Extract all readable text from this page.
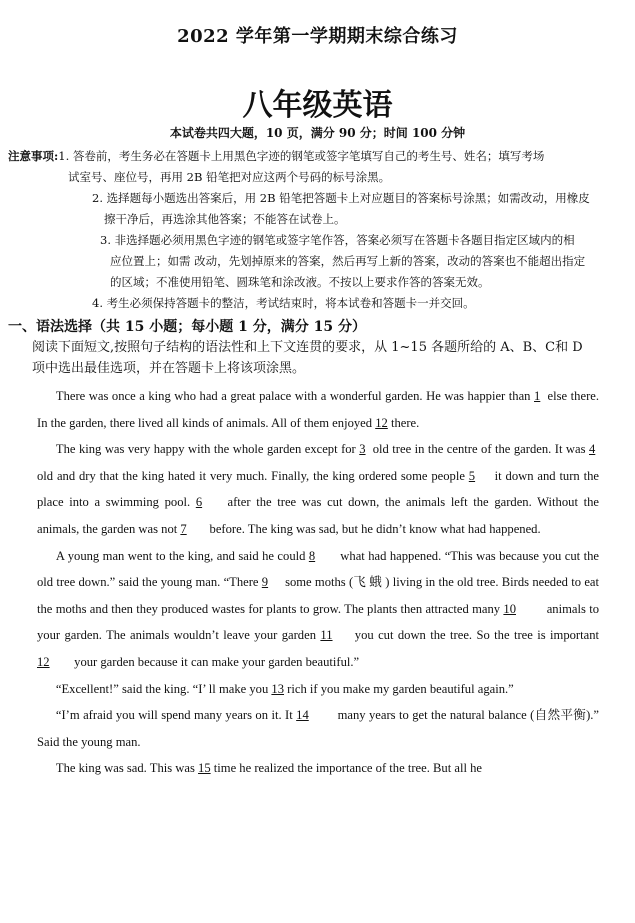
2022 学年第一学期期末综合练习
八年级英语
本试卷共四大题，10 页，满分 90 分；时间 100 分钟
注意事项:1. 答卷前，考生务必在答题卡上用黑色字迹的钢笔或签字笔填写自己的考生号、姓名；填写考场
试室号、座位号，再用 2B 铅笔把对应这两个号码的标号涂黑。
2. 选择题每小题选出答案后，用 2B 铅笔把答题卡上对应题目的答案标号涂黑；如需改动，用橡皮
擦干净后，再选涂其他答案；不能答在试卷上。
3. 非选择题必须用黑色字迹的钢笔或签字笔作答，答案必须写在答题卡各题目指定区域内的相
应位置上；如需 改动，先划掉原来的答案，然后再写上新的答案，改动的答案也不能超出指定
的区域；不准使用铅笔、圆珠笔和涂改液。不按以上要求作答的答案无效。
4. 考生必须保持答题卡的整洁，考试结束时，将本试卷和答题卡一并交回。
一、语法选择（共 15 小题；每小题 1 分，满分 15 分）
阅读下面短文,按照句子结构的语法性和上下文连贯的要求，从 1~15 各题所给的 A、B、C和 D 项中选出最佳选项，并在答题卡上将该项涂黑。

  There was once a king who had a great palace with a wonderful garden. He was happier than 1 else there. In the garden, there lived all kinds of animals. All of them enjoyed 12 there.

  The king was very happy with the whole garden except for 3 old tree in the centre of the garden. It was 4 old and dry that the king hated it very much. Finally, the king ordered some people 5 it down and turn the place into a swimming pool. 6 after the tree was cut down, the animals left the garden. Without the animals, the garden was not 7 before. The king was sad, but he didn’t know what had happened.

  A young man went to the king, and said he could 8 what had happened. “This was because you cut the old tree down.” said the young man. “There 9 some moths (飞 蛾 ) living in the old tree. Birds needed to eat the moths and then they produced wastes for plants to grow. The plants then attracted many 10 animals to your garden. The animals wouldn’t leave your garden 11 you cut down the tree. So the tree is important 12 your garden because it can make your garden beautiful.”

  “Excellent!” said the king. “I’ ll make you 13 rich if you make my garden beautiful again.”

  “I’m afraid you will spend many years on it. It 14 many years to get the natural balance (自然平衡).” Said the young man.

  The king was sad. This was 15 time he realized the importance of the tree. But all he
